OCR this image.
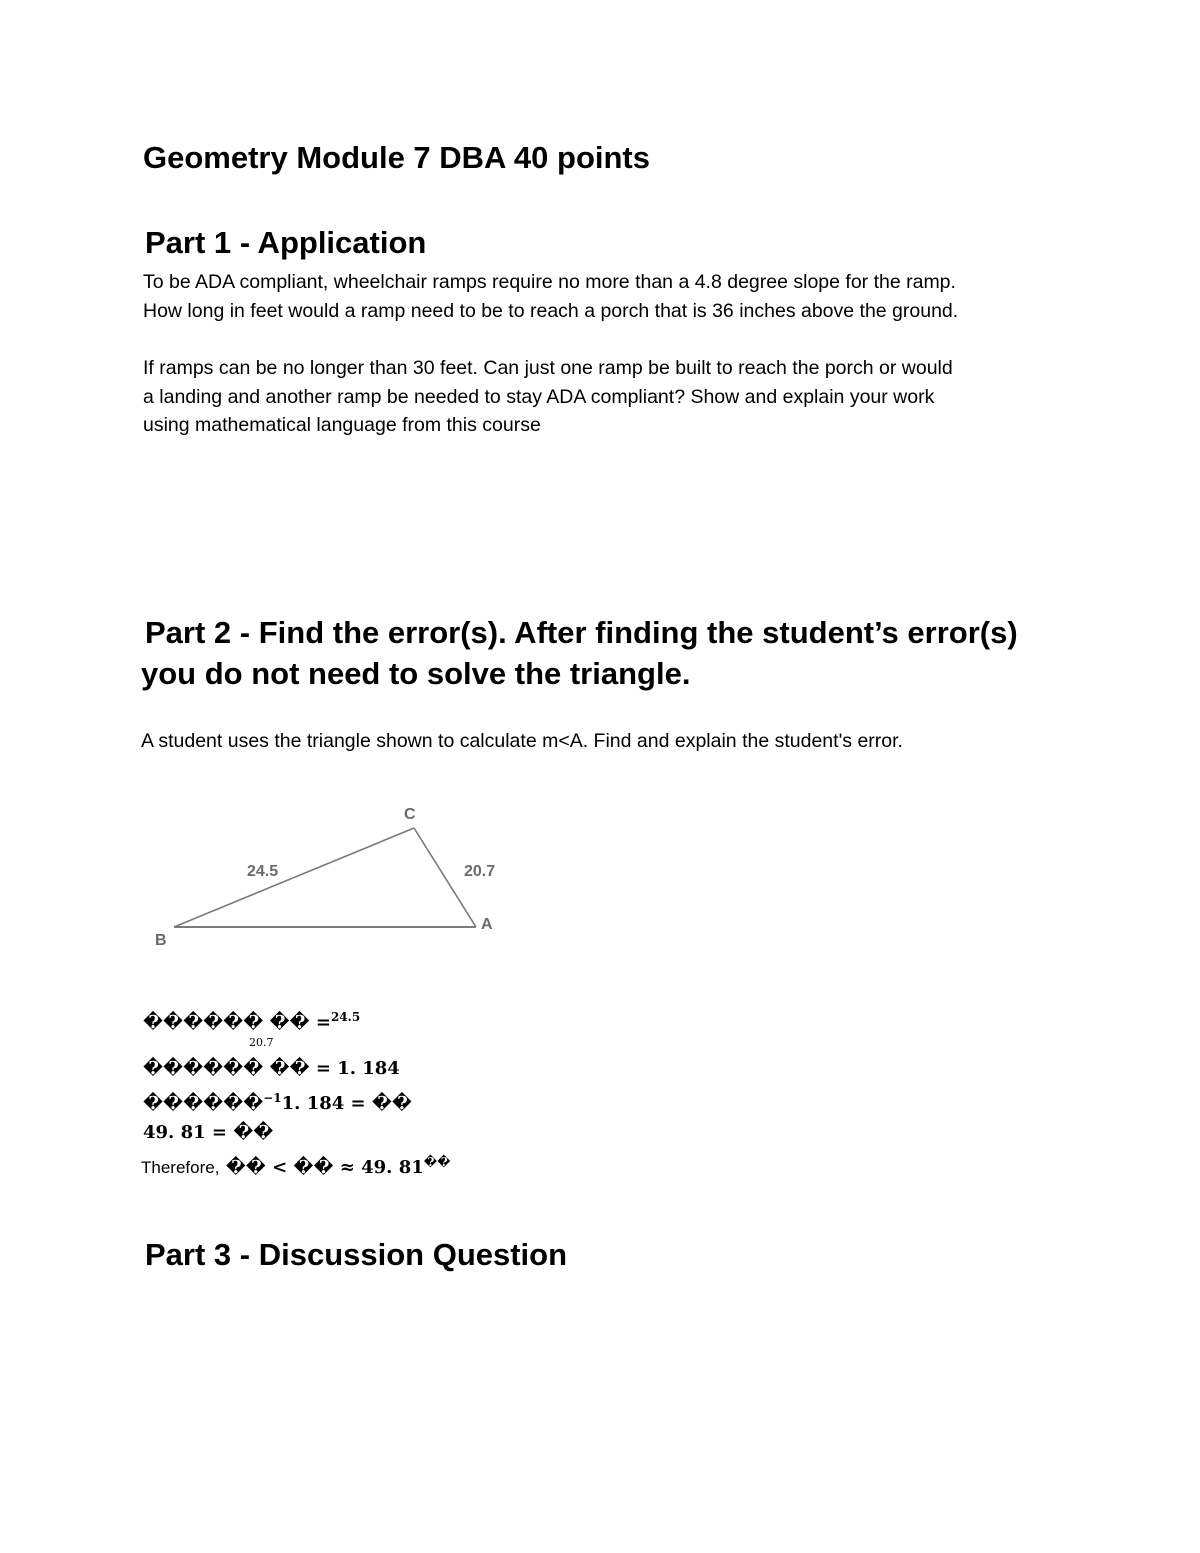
Geometry Module 7 DBA 40 points
Part 1 - Application
To be ADA compliant, wheelchair ramps require no more than a 4.8 degree slope for the ramp.
How long in feet would a ramp need to be to reach a porch that is 36 inches above the ground.
If ramps can be no longer than 30 feet. Can just one ramp be built to reach the porch or would
a landing and another ramp be needed to stay ADA compliant? Show and explain your work
using mathematical language from this course
Part 2 - Find the error(s). After finding the student’s error(s)
you do not need to solve the triangle.
A student uses the triangle shown to calculate m<A. Find and explain the student's error.
C
B
A
24.5	20.7
������ �� =$^{24.5}$
20.7
������ �� = 1. 184
������$^{-1}$1. 184 = ��
49. 81 = ��
Therefore, �� < �� ≈ 49. 81��
Part 3 - Discussion Question
